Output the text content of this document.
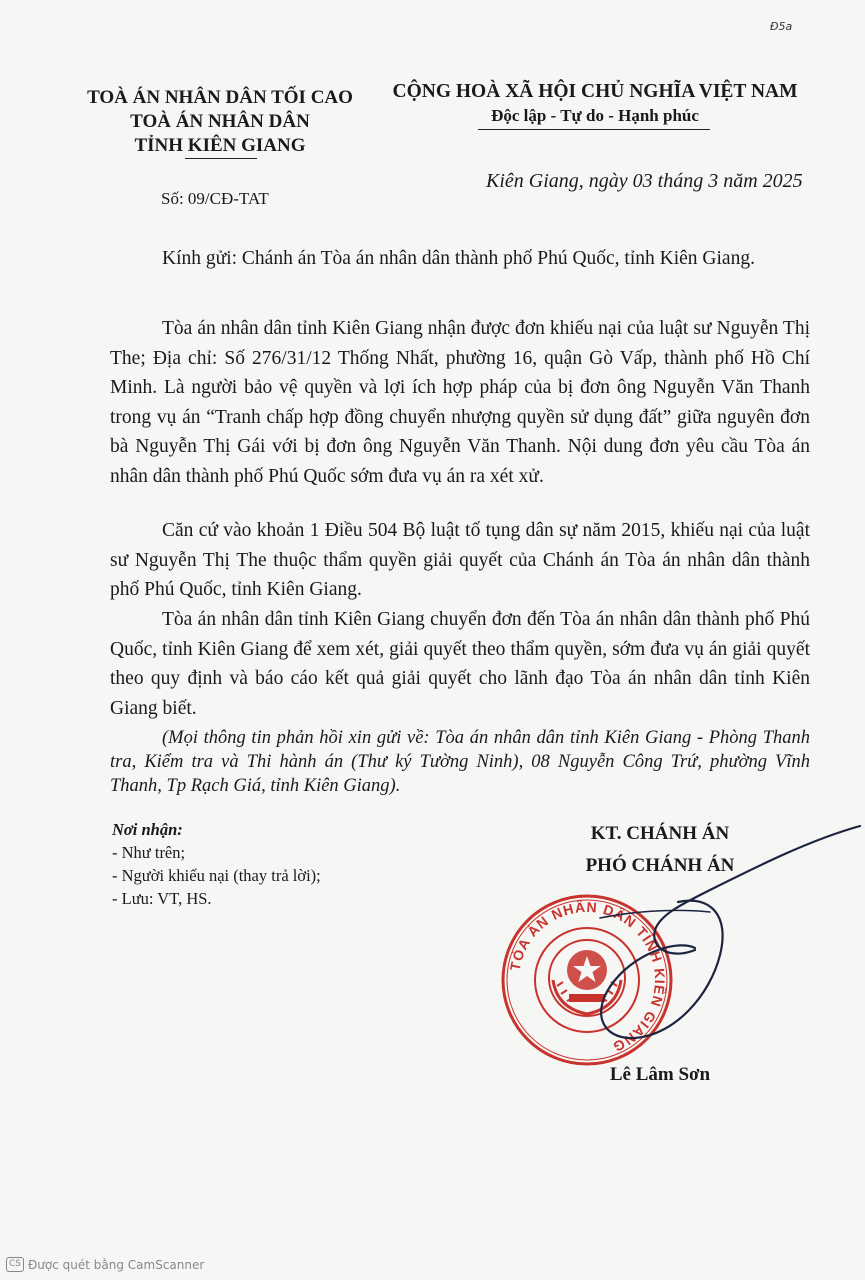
Đ5a
TOÀ ÁN NHÂN DÂN TỐI CAO
TOÀ ÁN NHÂN DÂN
TỈNH KIÊN GIANG
CỘNG HOÀ XÃ HỘI CHỦ NGHĨA VIỆT NAM
Độc lập - Tự do - Hạnh phúc
Kiên Giang, ngày 03 tháng 3 năm 2025
Số: 09/CĐ-TAT
Kính gửi: Chánh án Tòa án nhân dân thành phố Phú Quốc, tỉnh Kiên Giang.
Tòa án nhân dân tỉnh Kiên Giang nhận được đơn khiếu nại của luật sư Nguyễn Thị The; Địa chỉ: Số 276/31/12 Thống Nhất, phường 16, quận Gò Vấp, thành phố Hồ Chí Minh. Là người bảo vệ quyền và lợi ích hợp pháp của bị đơn ông Nguyễn Văn Thanh trong vụ án “Tranh chấp hợp đồng chuyển nhượng quyền sử dụng đất” giữa nguyên đơn bà Nguyễn Thị Gái với bị đơn ông Nguyễn Văn Thanh. Nội dung đơn yêu cầu Tòa án nhân dân thành phố Phú Quốc sớm đưa vụ án ra xét xử.
Căn cứ vào khoản 1 Điều 504 Bộ luật tố tụng dân sự năm 2015, khiếu nại của luật sư Nguyễn Thị The thuộc thẩm quyền giải quyết của Chánh án Tòa án nhân dân thành phố Phú Quốc, tỉnh Kiên Giang.
Tòa án nhân dân tỉnh Kiên Giang chuyển đơn đến Tòa án nhân dân thành phố Phú Quốc, tỉnh Kiên Giang để xem xét, giải quyết theo thẩm quyền, sớm đưa vụ án giải quyết theo quy định và báo cáo kết quả giải quyết cho lãnh đạo Tòa án nhân dân tỉnh Kiên Giang biết.
(Mọi thông tin phản hồi xin gửi về: Tòa án nhân dân tỉnh Kiên Giang - Phòng Thanh tra, Kiểm tra và Thi hành án (Thư ký Tường Ninh), 08 Nguyễn Công Trứ, phường Vĩnh Thanh, Tp Rạch Giá, tỉnh Kiên Giang).
Nơi nhận:
- Như trên;
- Người khiếu nại (thay trả lời);
- Lưu: VT, HS.
KT. CHÁNH ÁN
PHÓ CHÁNH ÁN
TÒA ÁN NHÂN DÂN TỈNH KIÊN GIANG
Lê Lâm Sơn
CS Được quét bằng CamScanner
